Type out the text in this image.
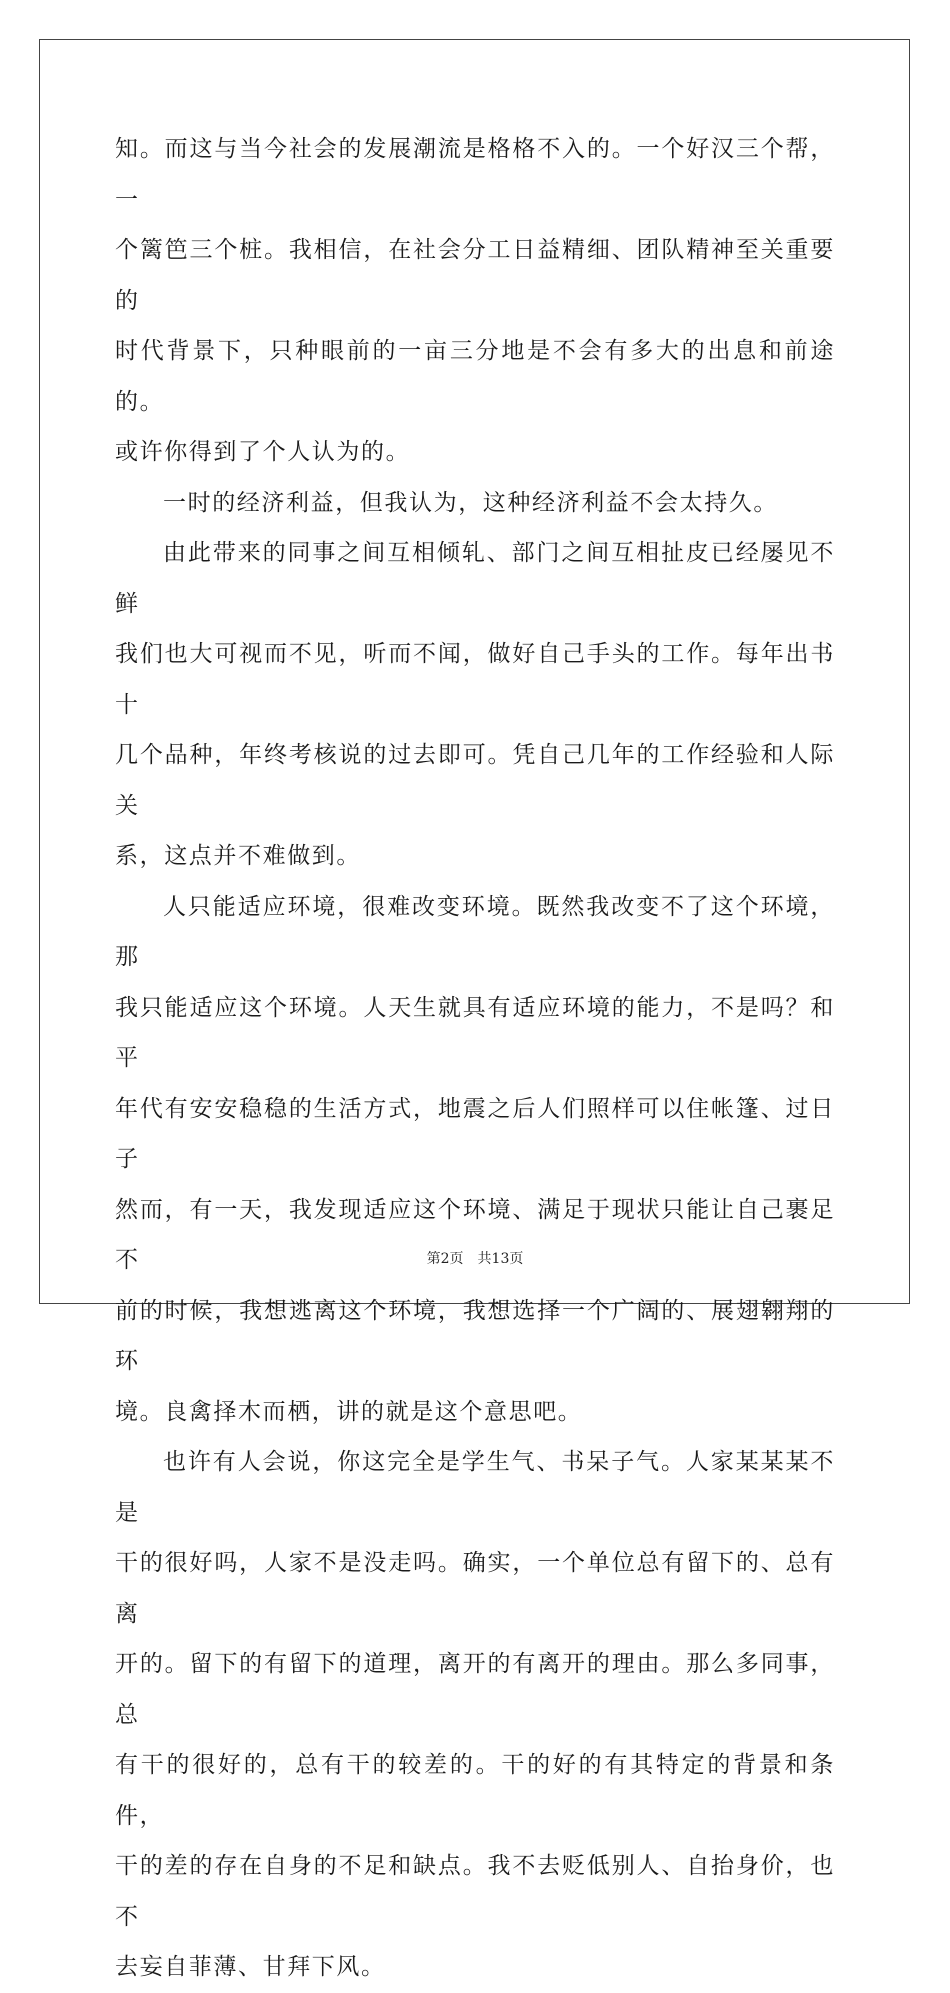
知。而这与当今社会的发展潮流是格格不入的。一个好汉三个帮，一
个篱笆三个桩。我相信，在社会分工日益精细、团队精神至关重要的
时代背景下，只种眼前的一亩三分地是不会有多大的出息和前途的。
或许你得到了个人认为的。

一时的经济利益，但我认为，这种经济利益不会太持久。

由此带来的同事之间互相倾轧、部门之间互相扯皮已经屡见不鲜
我们也大可视而不见，听而不闻，做好自己手头的工作。每年出书十
几个品种，年终考核说的过去即可。凭自己几年的工作经验和人际关
系，这点并不难做到。

人只能适应环境，很难改变环境。既然我改变不了这个环境，那
我只能适应这个环境。人天生就具有适应环境的能力，不是吗？和平
年代有安安稳稳的生活方式，地震之后人们照样可以住帐篷、过日子
然而，有一天，我发现适应这个环境、满足于现状只能让自己裹足不
前的时候，我想逃离这个环境，我想选择一个广阔的、展翅翱翔的环
境。良禽择木而栖，讲的就是这个意思吧。

也许有人会说，你这完全是学生气、书呆子气。人家某某某不是
干的很好吗，人家不是没走吗。确实，一个单位总有留下的、总有离
开的。留下的有留下的道理，离开的有离开的理由。那么多同事，总
有干的很好的，总有干的较差的。干的好的有其特定的背景和条件，
干的差的存在自身的不足和缺点。我不去贬低别人、自抬身价，也不
去妄自菲薄、甘拜下风。

第2页 共13页
